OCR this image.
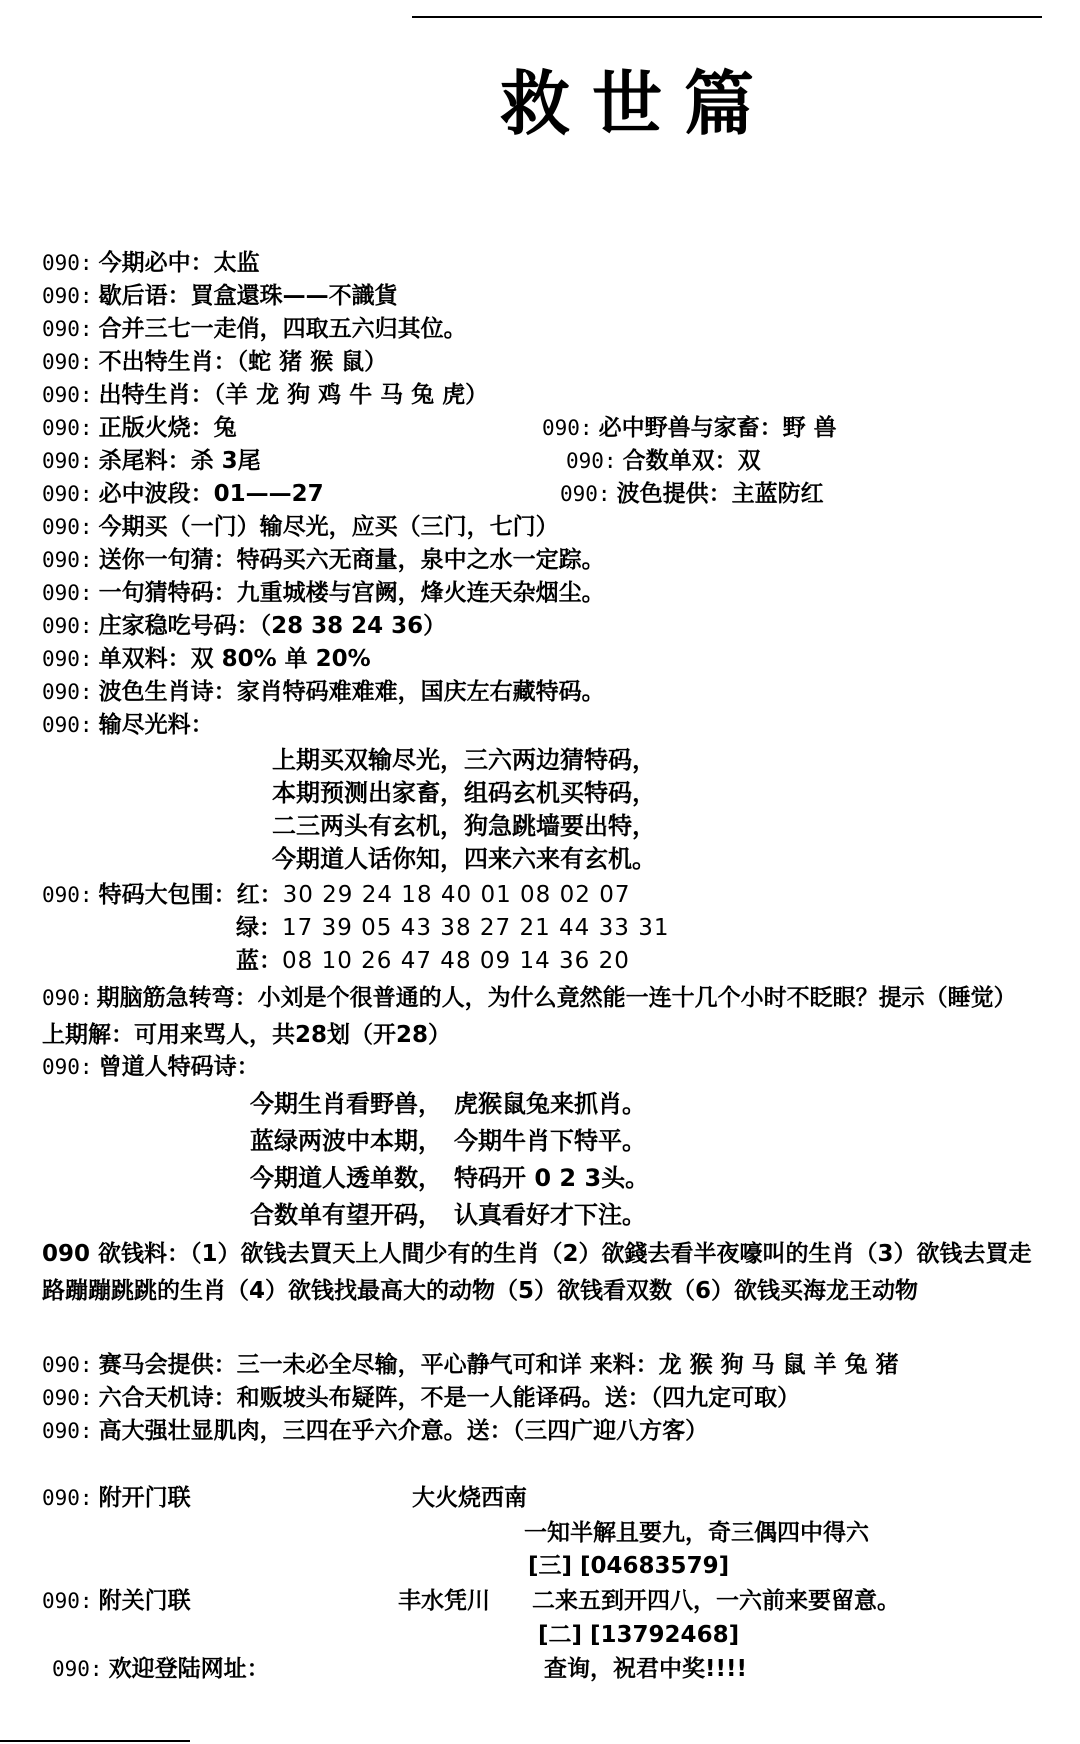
救世篇
090: 今期必中：太监
090: 歇后语：買盒還珠——不識貨
090: 合并三七一走俏，四取五六归其位。
090: 不出特生肖：（蛇 猪 猴 鼠）
090: 出特生肖：（羊 龙 狗 鸡 牛 马 兔 虎）
090: 正版火烧：兔	090: 必中野兽与家畜：野 兽
090: 杀尾料：杀 3尾	090: 合数单双：双
090: 必中波段：01——27	090: 波色提供：主蓝防红
090: 今期买（一门）输尽光，应买（三门，七门）
090: 送你一句猜：特码买六无商量，泉中之水一定踪。
090: 一句猜特码：九重城楼与宫阙，烽火连天杂烟尘。
090: 庄家稳吃号码：（28 38 24 36）
090: 单双料：双 80% 单 20%
090: 波色生肖诗：家肖特码难难难，国庆左右藏特码。
090: 输尽光料：
上期买双输尽光，三六两边猜特码，
本期预测出家畜，组码玄机买特码，
二三两头有玄机，狗急跳墙要出特，
今期道人话你知，四来六来有玄机。
090: 特码大包围：红：30 29 24 18 40 01 08 02 07
绿：17 39 05 43 38 27 21 44 33 31
蓝：08 10 26 47 48 09 14 36 20
090: 期脑筋急转弯：小刘是个很普通的人，为什么竟然能一连十几个小时不眨眼？提示（睡觉）　上期解：可用来骂人，共28划（开28）
090: 曾道人特码诗：
今期生肖看野兽，　虎猴鼠兔来抓肖。
蓝绿两波中本期，　今期牛肖下特平。
今期道人透单数，　特码开 0 2 3头。
合数单有望开码，　认真看好才下注。
090 欲钱料：（1）欲钱去買天上人間少有的生肖（2）欲錢去看半夜嚎叫的生肖（3）欲钱去買走路蹦蹦跳跳的生肖（4）欲钱找最高大的动物（5）欲钱看双数（6）欲钱买海龙王动物
090: 赛马会提供：三一未必全尽输，平心静气可和详 来料：龙 猴 狗 马 鼠 羊 兔 猪
090: 六合天机诗：和贩坡头布疑阵，不是一人能译码。送：（四九定可取）
090: 高大强壮显肌肉，三四在乎六介意。送：（三四广迎八方客）
090: 附开门联	大火烧西南
一知半解且要九，奇三偶四中得六
[三] [04683579]
090: 附关门联	丰水凭川 二来五到开四八，一六前来要留意。
[二] [13792468]
090: 欢迎登陆网址：	查询，祝君中奖!!!!
